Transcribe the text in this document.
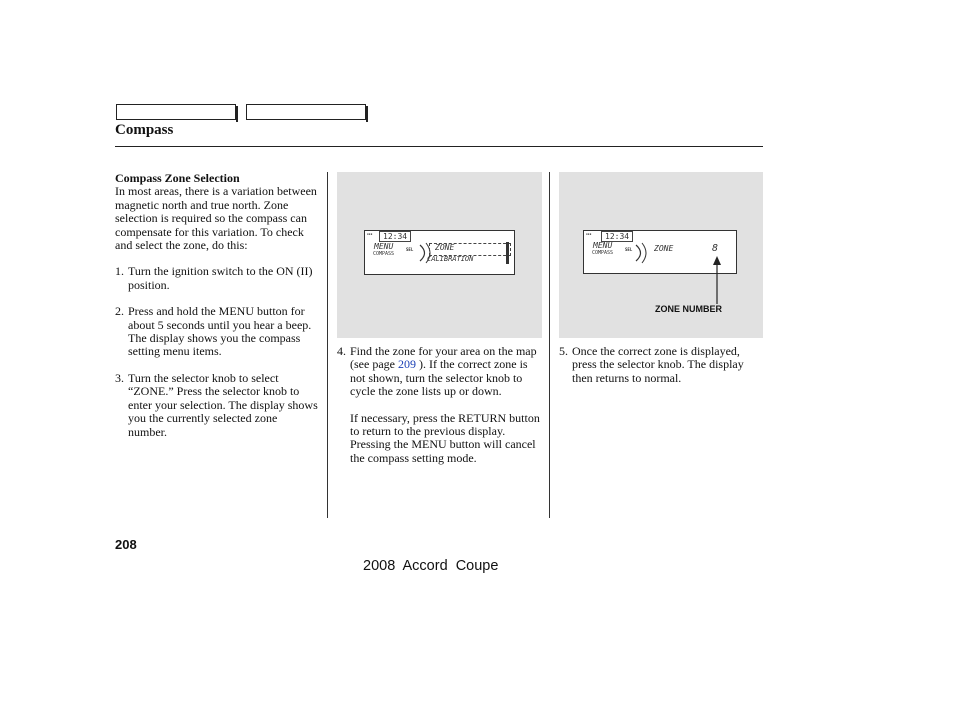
Compass

Compass Zone Selection

In most areas, there is a variation between magnetic north and true north. Zone selection is required so the compass can compensate for this variation. To check and select the zone, do this:

1. Turn the ignition switch to the ON (II) position.
2. Press and hold the MENU button for about 5 seconds until you hear a beep. The display shows you the compass setting menu items.
3. Turn the selector knob to select “ZONE.” Press the selector knob to enter your selection. The display shows you the currently selected zone number.
▪▪▪	12:34
MENU
COMPASS
SEL	ZONE
CALIBRATION
4. Find the zone for your area on the map (see page 209 ). If the correct zone is not shown, turn the selector knob to cycle the zone lists up or down.
If necessary, press the RETURN button to return to the previous display. Pressing the MENU button will cancel the compass setting mode.
▪▪▪	12:34
MENU
COMPASS
SEL	ZONE	8
ZONE NUMBER
5. Once the correct zone is displayed, press the selector knob. The display then returns to normal.
208
2008  Accord  Coupe
